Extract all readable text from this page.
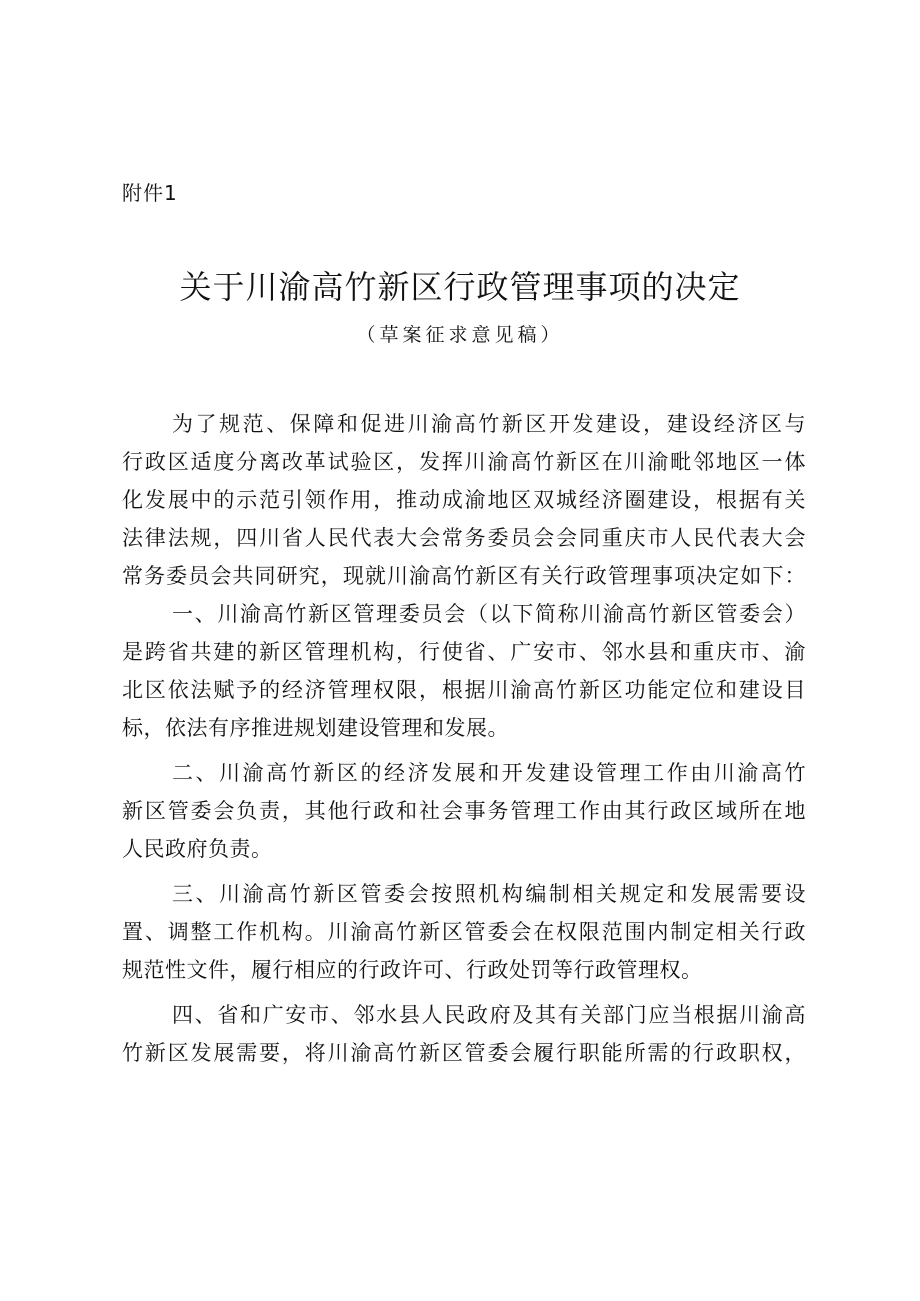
附件1
关于川渝高竹新区行政管理事项的决定
（草案征求意见稿）
为了规范、保障和促进川渝高竹新区开发建设，建设经济区与
行政区适度分离改革试验区，发挥川渝高竹新区在川渝毗邻地区一体
化发展中的示范引领作用，推动成渝地区双城经济圈建设，根据有关
法律法规，四川省人民代表大会常务委员会会同重庆市人民代表大会
常务委员会共同研究，现就川渝高竹新区有关行政管理事项决定如下：
一、川渝高竹新区管理委员会（以下简称川渝高竹新区管委会）
是跨省共建的新区管理机构，行使省、广安市、邻水县和重庆市、渝
北区依法赋予的经济管理权限，根据川渝高竹新区功能定位和建设目
标，依法有序推进规划建设管理和发展。
二、川渝高竹新区的经济发展和开发建设管理工作由川渝高竹
新区管委会负责，其他行政和社会事务管理工作由其行政区域所在地
人民政府负责。
三、川渝高竹新区管委会按照机构编制相关规定和发展需要设
置、调整工作机构。川渝高竹新区管委会在权限范围内制定相关行政
规范性文件，履行相应的行政许可、行政处罚等行政管理权。
四、省和广安市、邻水县人民政府及其有关部门应当根据川渝高
竹新区发展需要，将川渝高竹新区管委会履行职能所需的行政职权，
